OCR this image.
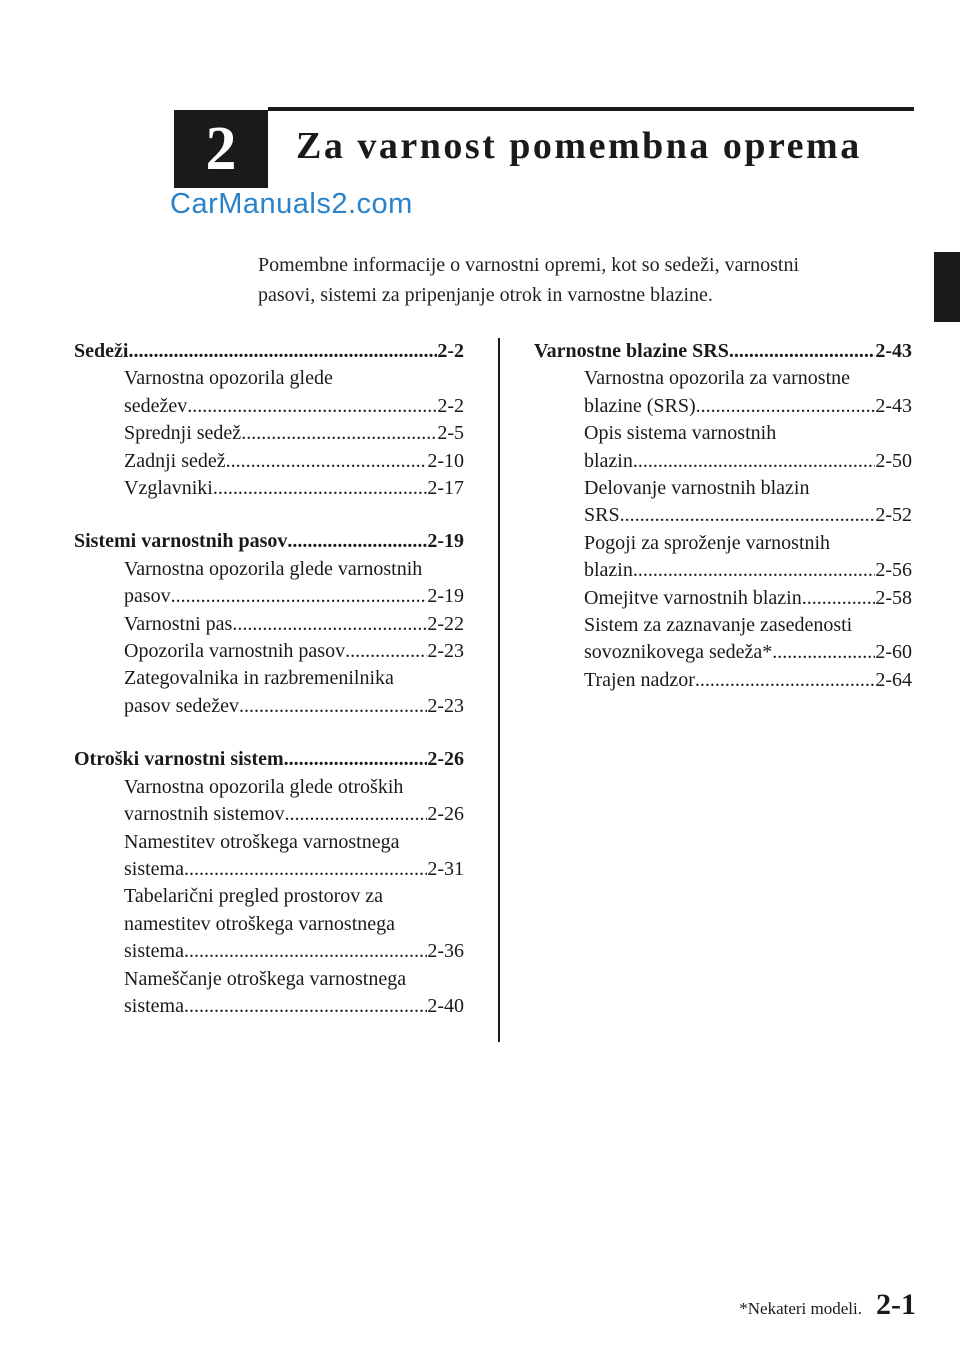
2 Za varnost pomembna oprema
CarManuals2.com
Pomembne informacije o varnostni opremi, kot so sedeži, varnostni
pasovi, sistemi za pripenjanje otrok in varnostne blazine.
Sedeži .....	2-2
Varnostna opozorila glede
sedežev .....	2-2
Sprednji sedež .....	2-5
Zadnji sedež .....	2-10
Vzglavniki .....	2-17
Sistemi varnostnih pasov .....	2-19
Varnostna opozorila glede varnostnih
pasov .....	2-19
Varnostni pas .....	2-22
Opozorila varnostnih pasov .....	2-23
Zategovalnika in razbremenilnika
pasov sedežev .....	2-23
Otroški varnostni sistem .....	2-26
Varnostna opozorila glede otroških
varnostnih sistemov .....	2-26
Namestitev otroškega varnostnega
sistema .....	2-31
Tabelarični pregled prostorov za
namestitev otroškega varnostnega
sistema .....	2-36
Nameščanje otroškega varnostnega
sistema .....	2-40
Varnostne blazine SRS .....	2-43
Varnostna opozorila za varnostne
blazine (SRS) .....	2-43
Opis sistema varnostnih
blazin .....	2-50
Delovanje varnostnih blazin
SRS .....	2-52
Pogoji za sproženje varnostnih
blazin .....	2-56
Omejitve varnostnih blazin .....	2-58
Sistem za zaznavanje zasedenosti
sovoznikovega sedeža* .....	2-60
Trajen nadzor .....	2-64
*Nekateri modeli. 2-1
